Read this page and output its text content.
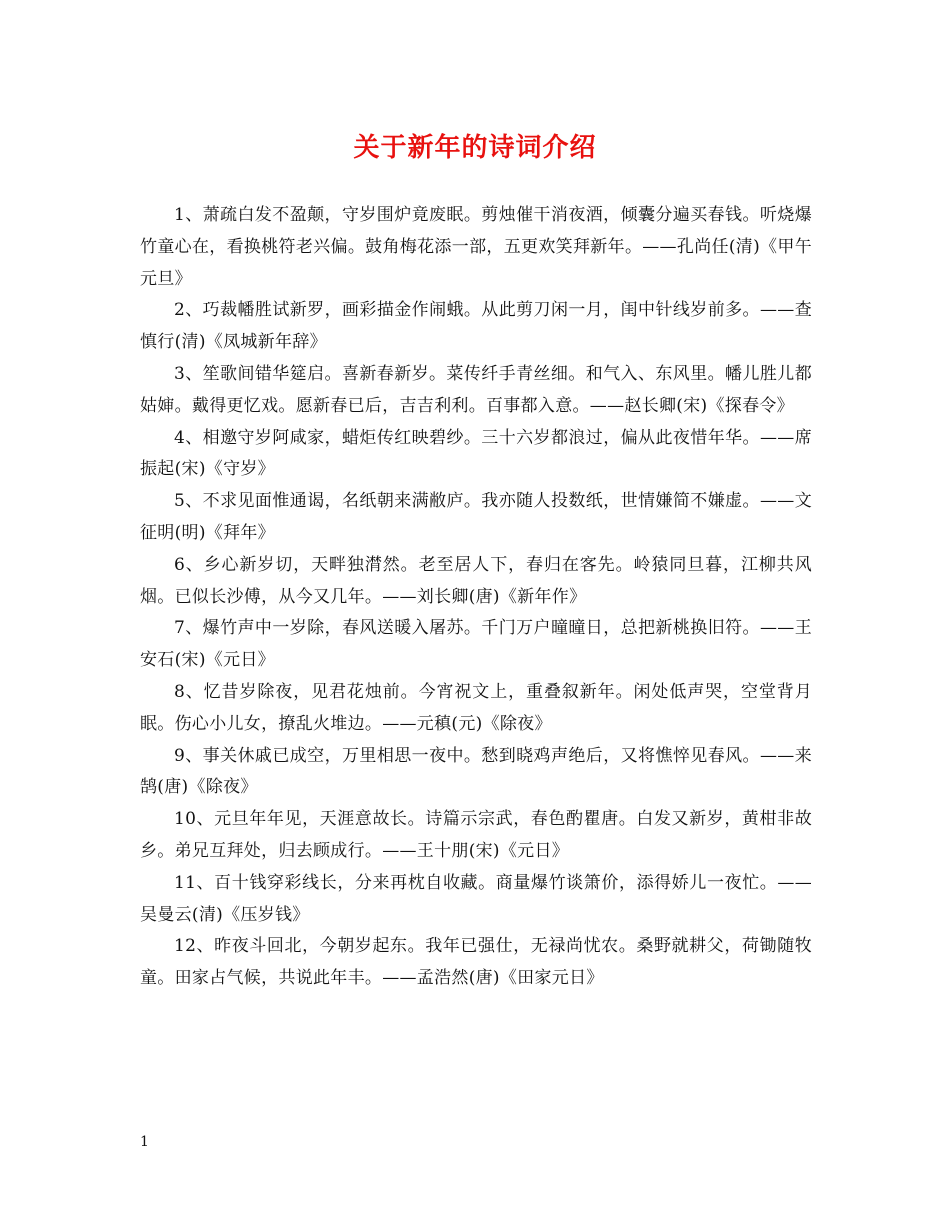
关于新年的诗词介绍

1、萧疏白发不盈颠，守岁围炉竟废眠。剪烛催干消夜酒，倾囊分遍买春钱。听烧爆竹童心在，看换桃符老兴偏。鼓角梅花添一部，五更欢笑拜新年。——孔尚任(清)《甲午元旦》

2、巧裁幡胜试新罗，画彩描金作闹蛾。从此剪刀闲一月，闺中针线岁前多。——查慎行(清)《凤城新年辞》

3、笙歌间错华筵启。喜新春新岁。菜传纤手青丝细。和气入、东风里。幡儿胜儿都姑婶。戴得更忆戏。愿新春已后，吉吉利利。百事都入意。——赵长卿(宋)《探春令》

4、相邀守岁阿咸家，蜡炬传红映碧纱。三十六岁都浪过，偏从此夜惜年华。——席振起(宋)《守岁》

5、不求见面惟通谒，名纸朝来满敝庐。我亦随人投数纸，世情嫌简不嫌虚。——文征明(明)《拜年》

6、乡心新岁切，天畔独潸然。老至居人下，春归在客先。岭猿同旦暮，江柳共风烟。已似长沙傅，从今又几年。——刘长卿(唐)《新年作》

7、爆竹声中一岁除，春风送暖入屠苏。千门万户曈曈日，总把新桃换旧符。——王安石(宋)《元日》

8、忆昔岁除夜，见君花烛前。今宵祝文上，重叠叙新年。闲处低声哭，空堂背月眠。伤心小儿女，撩乱火堆边。——元稹(元)《除夜》

9、事关休戚已成空，万里相思一夜中。愁到晓鸡声绝后，又将憔悴见春风。——来鹄(唐)《除夜》

10、元旦年年见，天涯意故长。诗篇示宗武，春色酌瞿唐。白发又新岁，黄柑非故乡。弟兄互拜处，归去顾成行。——王十朋(宋)《元日》

11、百十钱穿彩线长，分来再枕自收藏。商量爆竹谈箫价，添得娇儿一夜忙。——吴曼云(清)《压岁钱》

12、昨夜斗回北，今朝岁起东。我年已强仕，无禄尚忧农。桑野就耕父，荷锄随牧童。田家占气候，共说此年丰。——孟浩然(唐)《田家元日》

1
